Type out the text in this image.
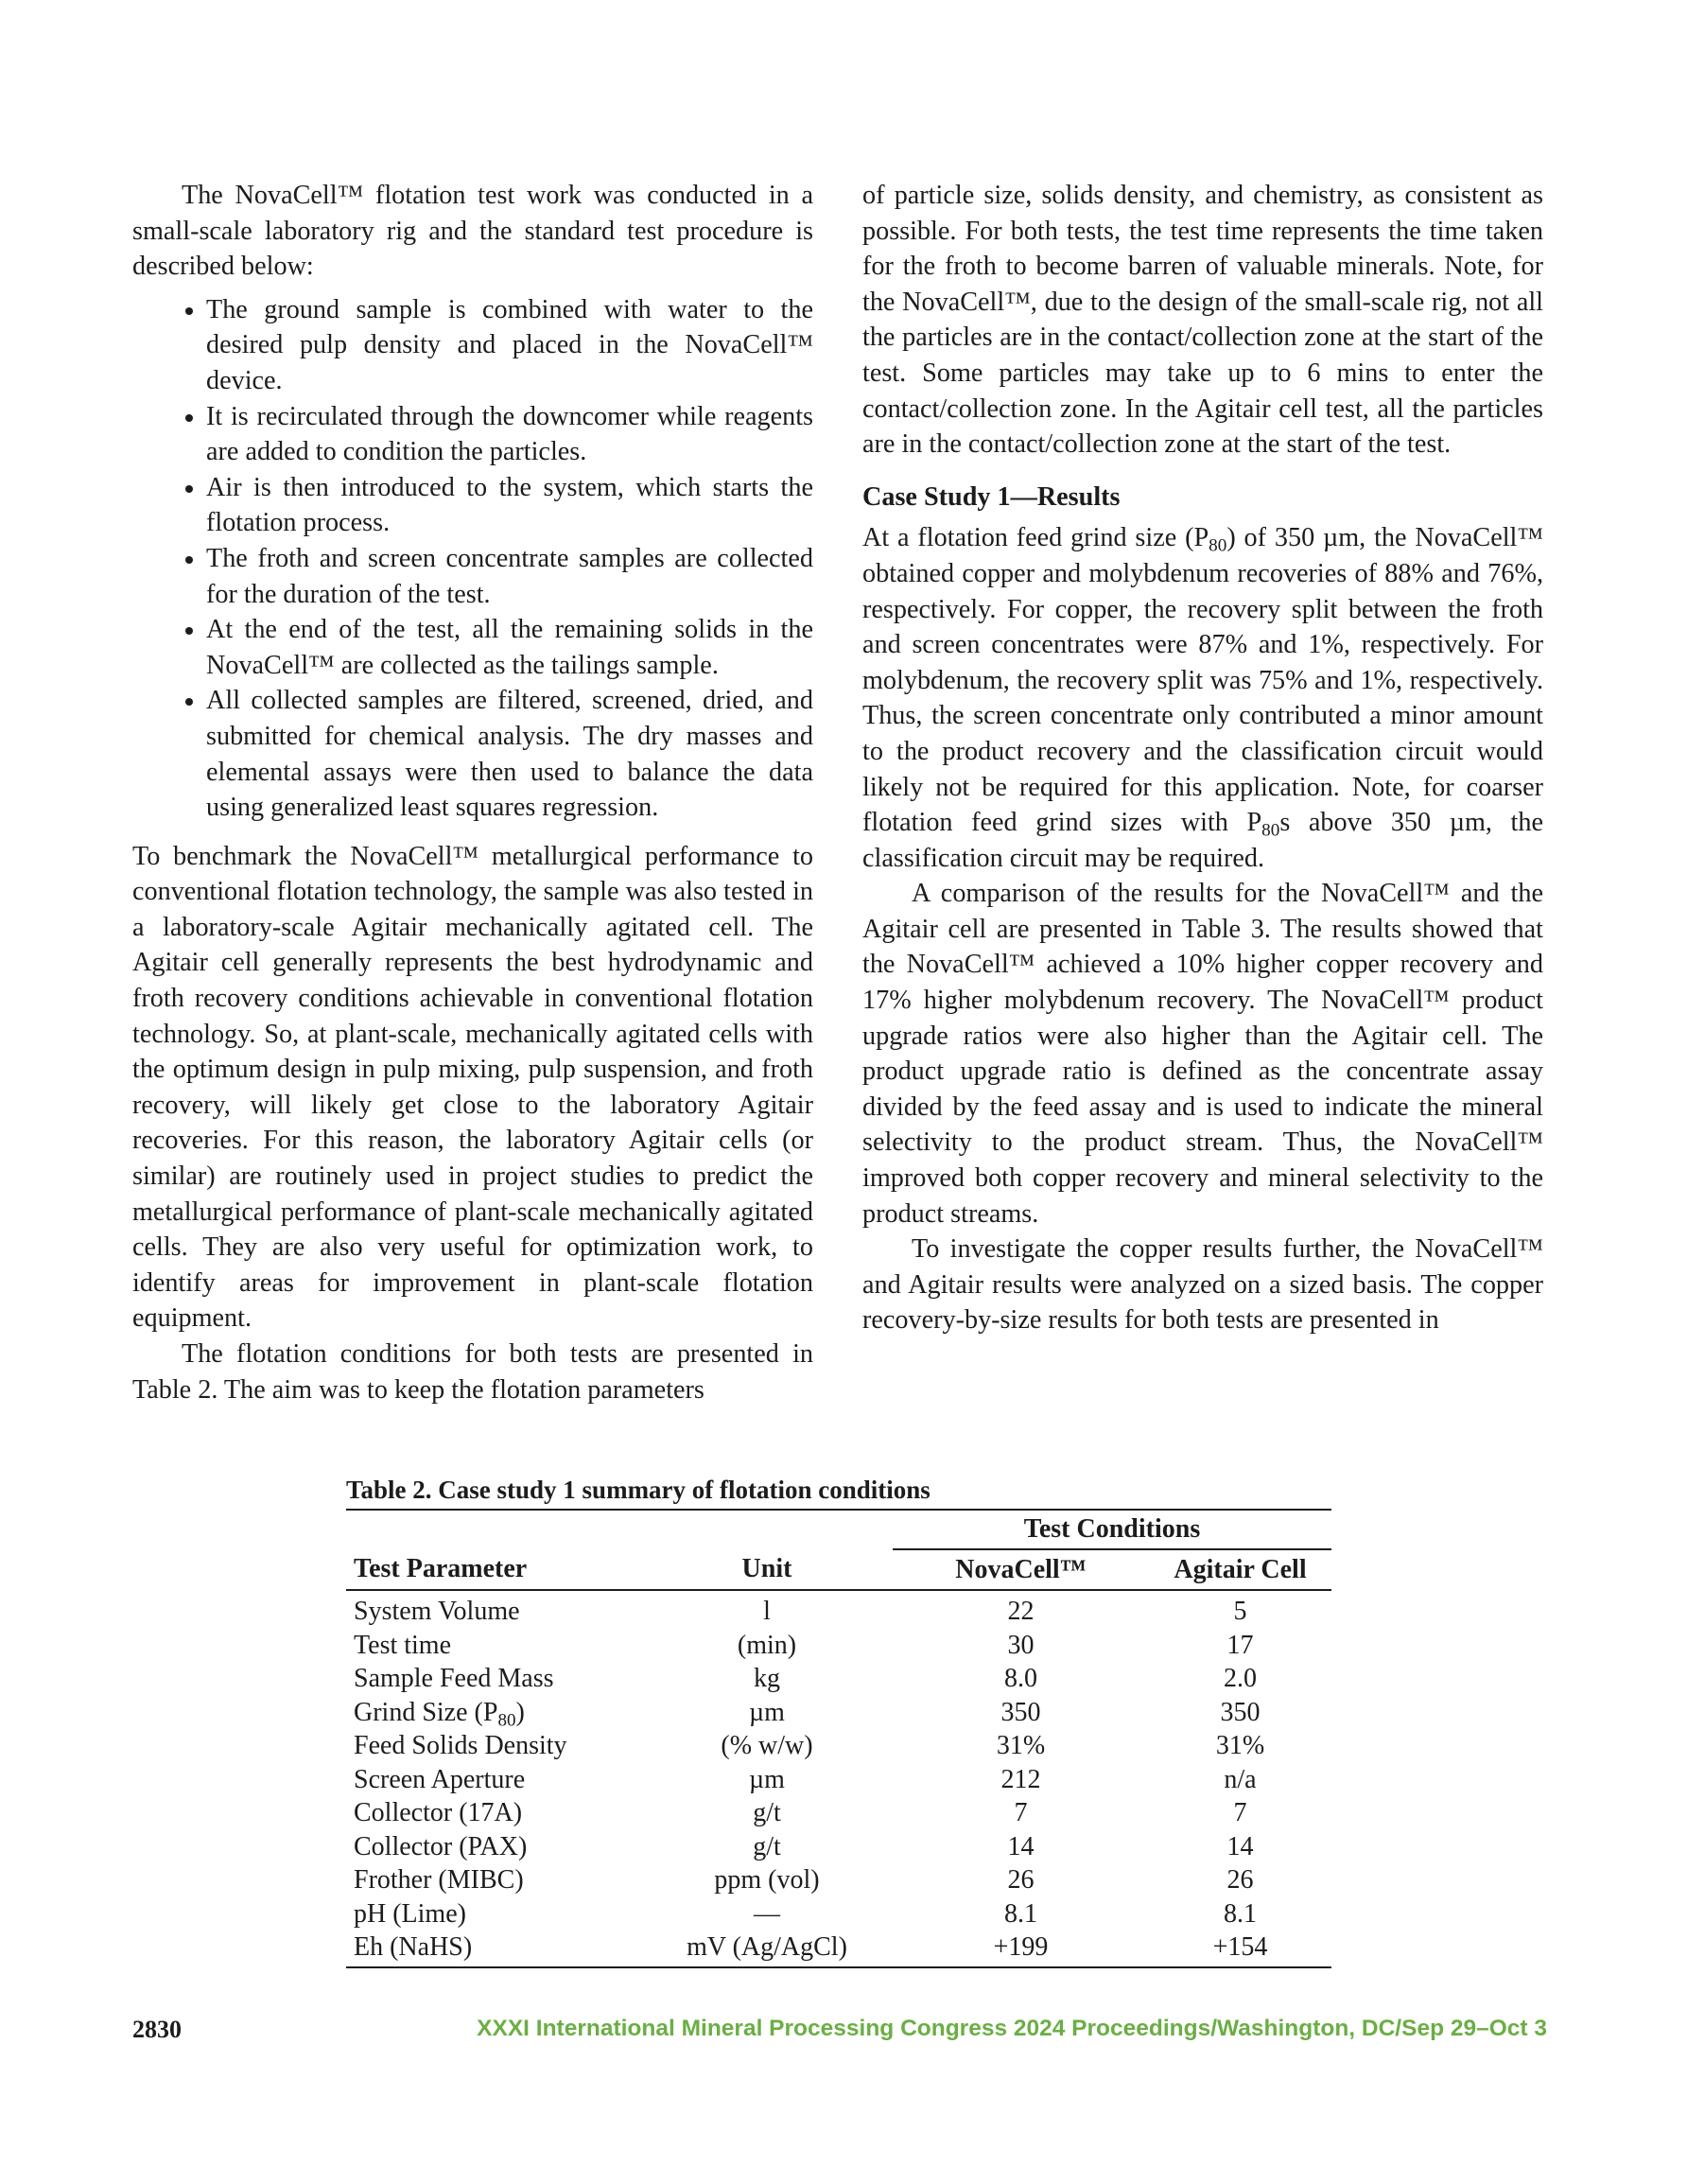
The NovaCell™ flotation test work was conducted in a small-scale laboratory rig and the standard test procedure is described below:

• The ground sample is combined with water to the desired pulp density and placed in the NovaCell™ device.
• It is recirculated through the downcomer while reagents are added to condition the particles.
• Air is then introduced to the system, which starts the flotation process.
• The froth and screen concentrate samples are collected for the duration of the test.
• At the end of the test, all the remaining solids in the NovaCell™ are collected as the tailings sample.
• All collected samples are filtered, screened, dried, and submitted for chemical analysis. The dry masses and elemental assays were then used to balance the data using generalized least squares regression.

To benchmark the NovaCell™ metallurgical performance to conventional flotation technology, the sample was also tested in a laboratory-scale Agitair mechanically agitated cell. The Agitair cell generally represents the best hydrodynamic and froth recovery conditions achievable in conventional flotation technology. So, at plant-scale, mechanically agitated cells with the optimum design in pulp mixing, pulp suspension, and froth recovery, will likely get close to the laboratory Agitair recoveries. For this reason, the laboratory Agitair cells (or similar) are routinely used in project studies to predict the metallurgical performance of plant-scale mechanically agitated cells. They are also very useful for optimization work, to identify areas for improvement in plant-scale flotation equipment.

The flotation conditions for both tests are presented in Table 2. The aim was to keep the flotation parameters

of particle size, solids density, and chemistry, as consistent as possible. For both tests, the test time represents the time taken for the froth to become barren of valuable minerals. Note, for the NovaCell™, due to the design of the small-scale rig, not all the particles are in the contact/collection zone at the start of the test. Some particles may take up to 6 mins to enter the contact/collection zone. In the Agitair cell test, all the particles are in the contact/collection zone at the start of the test.

Case Study 1—Results

At a flotation feed grind size $(P_{80})$ of 350 µm, the NovaCell™ obtained copper and molybdenum recoveries of 88% and 76%, respectively. For copper, the recovery split between the froth and screen concentrates were 87% and 1%, respectively. For molybdenum, the recovery split was 75% and 1%, respectively. Thus, the screen concentrate only contributed a minor amount to the product recovery and the classification circuit would likely not be required for this application. Note, for coarser flotation feed grind sizes with $P_{80}s$ above 350 µm, the classification circuit may be required.

A comparison of the results for the NovaCell™ and the Agitair cell are presented in Table 3. The results showed that the NovaCell™ achieved a 10% higher copper recovery and 17% higher molybdenum recovery. The NovaCell™ product upgrade ratios were also higher than the Agitair cell. The product upgrade ratio is defined as the concentrate assay divided by the feed assay and is used to indicate the mineral selectivity to the product stream. Thus, the NovaCell™ improved both copper recovery and mineral selectivity to the product streams.

To investigate the copper results further, the NovaCell™ and Agitair results were analyzed on a sized basis. The copper recovery-by-size results for both tests are presented in

Table 2. Case study 1 summary of flotation conditions
		Test Conditions	
Test Parameter	Unit	NovaCell™	Agitair Cell
System Volume	l	22	5
Test time	(min)	30	17
Sample Feed Mass	kg	8.0	2.0
Grind Size $(P_{80})$	µm	350	350
Feed Solids Density	(% w/w)	31%	31%
Screen Aperture	µm	212	n/a
Collector (17A)	g/t	7	7
Collector (PAX)	g/t	14	14
Frother (MIBC)	ppm (vol)	26	26
pH (Lime)	—	8.1	8.1
Eh (NaHS)	mV (Ag/AgCl)	+199	+154
2830	XXXI International Mineral Processing Congress 2024 Proceedings/Washington, DC/Sep 29–Oct 3
